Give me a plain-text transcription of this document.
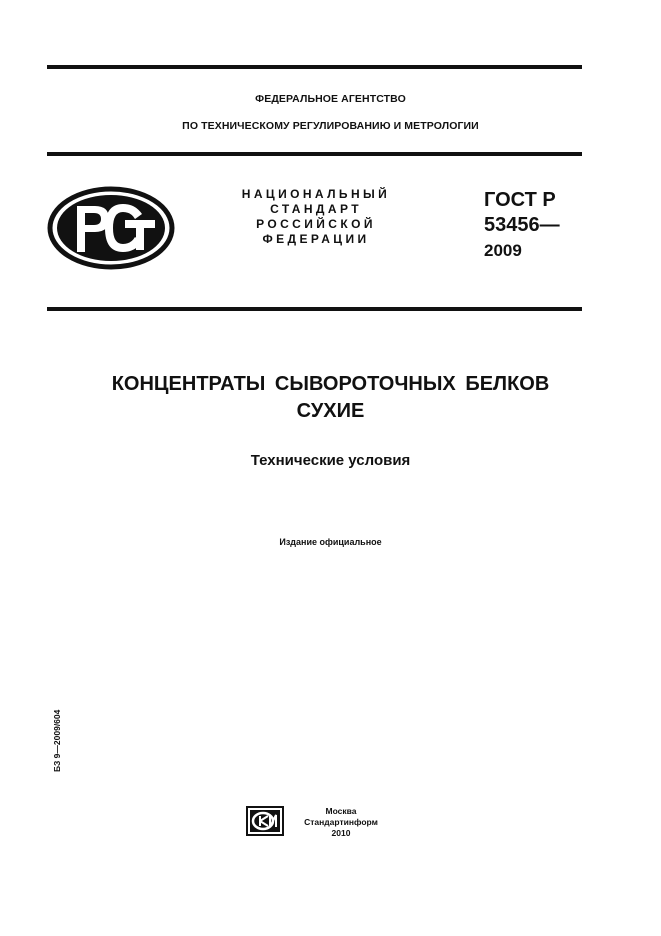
ФЕДЕРАЛЬНОЕ АГЕНТСТВО
ПО ТЕХНИЧЕСКОМУ РЕГУЛИРОВАНИЮ И МЕТРОЛОГИИ
НАЦИОНАЛЬНЫЙ
СТАНДАРТ
РОССИЙСКОЙ
ФЕДЕРАЦИИ
ГОСТ Р
53456—
2009
КОНЦЕНТРАТЫ СЫВОРОТОЧНЫХ БЕЛКОВ
СУХИЕ
Технические условия
Издание официальное
БЗ 9—2009/604
Москва
Стандартинформ
2010
